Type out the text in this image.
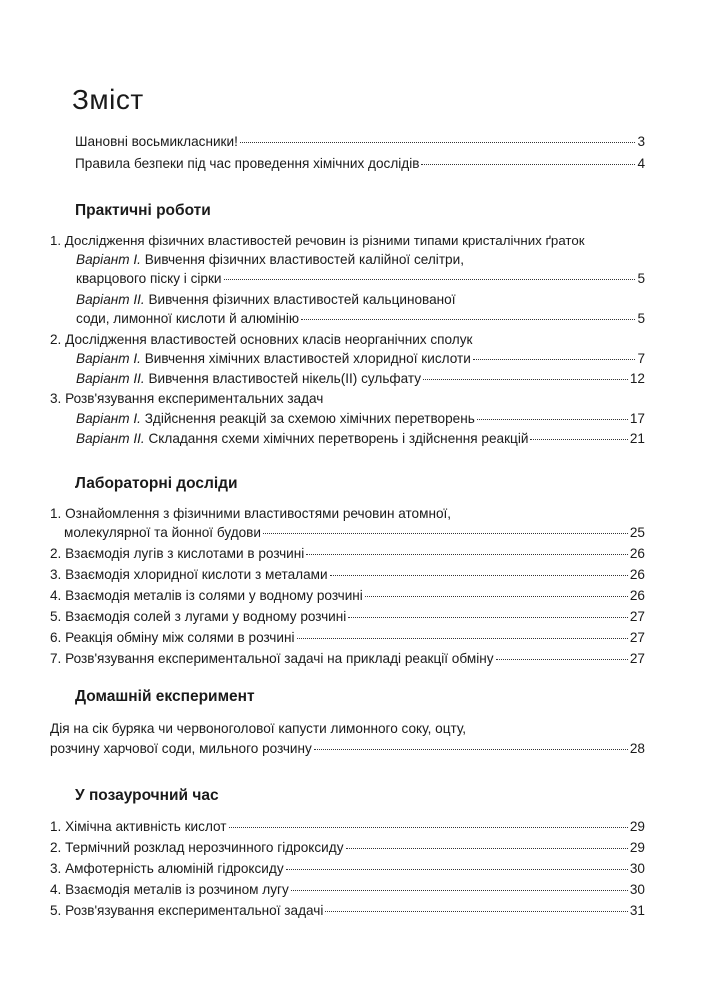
Зміст
Шановні восьмикласники!	3
Правила безпеки під час проведення хімічних дослідів	4
Практичні роботи
1. Дослідження фізичних властивостей речовин із різними типами кристалічних ґраток
Варіант I. Вивчення фізичних властивостей калійної селітри,
кварцового піску і сірки	5
Варіант II. Вивчення фізичних властивостей кальцинованої
соди, лимонної кислоти й алюмінію	5
2. Дослідження властивостей основних класів неорганічних сполук
Варіант I. Вивчення хімічних властивостей хлоридної кислоти	7
Варіант II. Вивчення властивостей нікель(II) сульфату	12
3. Розв'язування експериментальних задач
Варіант I. Здійснення реакцій за схемою хімічних перетворень	17
Варіант II. Складання схеми хімічних перетворень і здійснення реакцій	21
Лабораторні досліди
1. Ознайомлення з фізичними властивостями речовин атомної,
молекулярної та йонної будови	25
2. Взаємодія лугів з кислотами в розчині	26
3. Взаємодія хлоридної кислоти з металами	26
4. Взаємодія металів із солями у водному розчині	26
5. Взаємодія солей з лугами у водному розчині	27
6. Реакція обміну між солями в розчині	27
7. Розв'язування експериментальної задачі на прикладі реакції обміну	27
Домашній експеримент
Дія на сік буряка чи червоноголової капусти лимонного соку, оцту,
розчину харчової соди, мильного розчину	28
У позаурочний час
1. Хімічна активність кислот	29
2. Термічний розклад нерозчинного гідроксиду	29
3. Амфотерність алюміній гідроксиду	30
4. Взаємодія металів із розчином лугу	30
5. Розв'язування експериментальної задачі	31
